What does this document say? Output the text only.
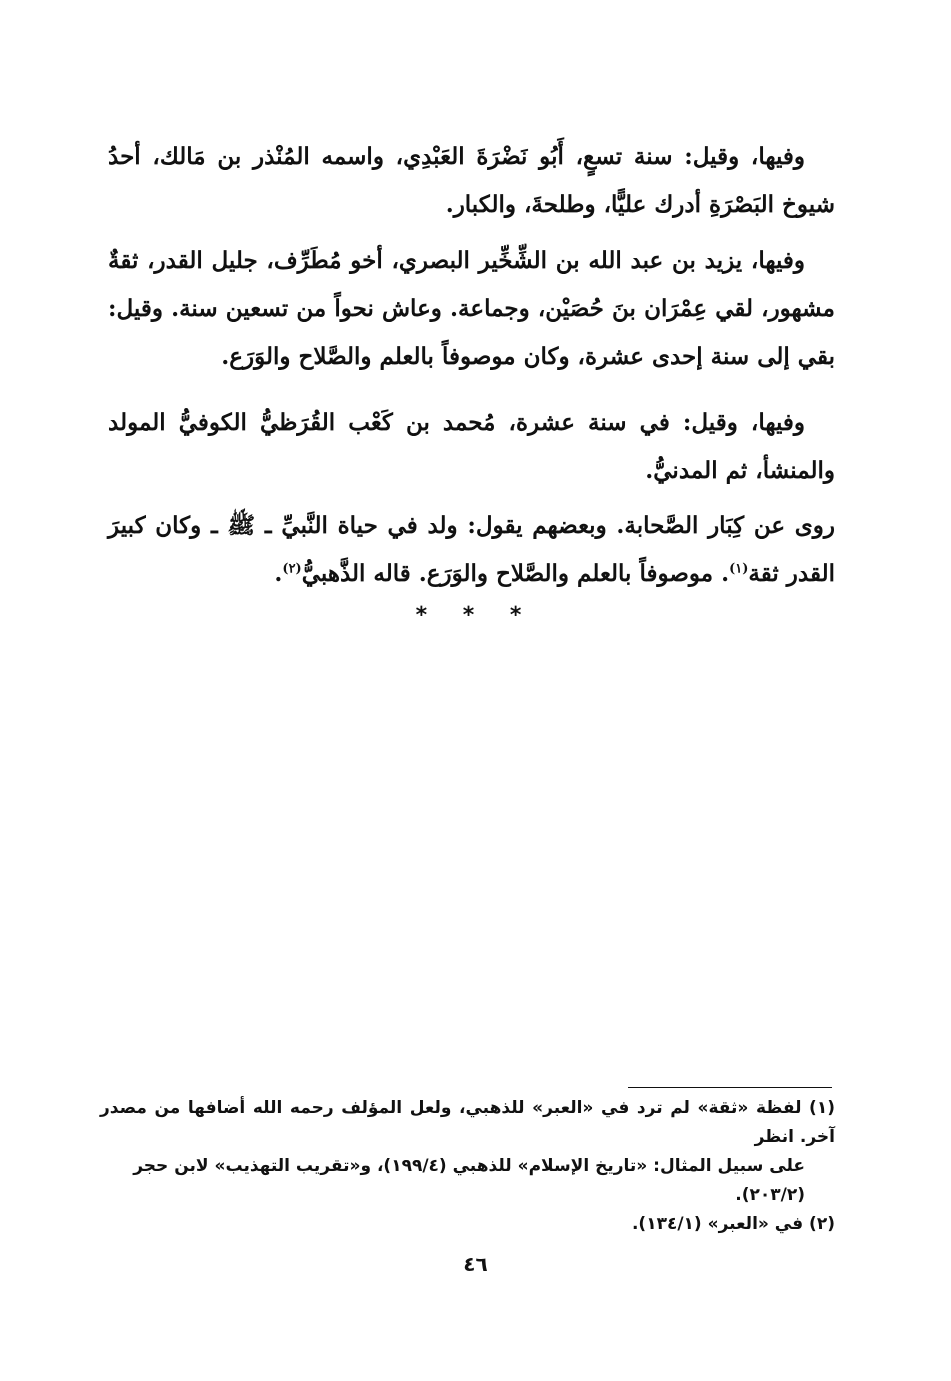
وفيها، وقيل: سنة تسعٍ، أَبُو نَضْرَةَ العَبْدِي، واسمه المُنْذر بن مَالك، أحدُ شيوخ البَصْرَةِ أدرك عليًّا، وطلحةَ، والكبار.

وفيها، يزيد بن عبد الله بن الشِّخِّير البصري، أخو مُطَرِّف، جليل القدر، ثقةٌ مشهور، لقي عِمْرَان بنَ حُصَيْن، وجماعة. وعاش نحواً من تسعين سنة. وقيل: بقي إلى سنة إحدى عشرة، وكان موصوفاً بالعلم والصَّلاح والوَرَع.

وفيها، وقيل: في سنة عشرة، مُحمد بن كَعْب القُرَظيُّ الكوفيُّ المولد والمنشأ، ثم المدنيُّ.

روى عن كِبَار الصَّحابة. وبعضهم يقول: ولد في حياة النَّبيِّ ـ ﷺ ـ وكان كبيرَ القدر ثقة$^{(١)}$. موصوفاً بالعلم والصَّلاح والوَرَع. قاله الذَّهبيُّ$^{(٢)}$.

* * *

(١) لفظة «ثقة» لم ترد في «العبر» للذهبي، ولعل المؤلف رحمه الله أضافها من مصدر آخر. انظر

على سبيل المثال: «تاريخ الإسلام» للذهبي (١٩٩/٤)، و«تقريب التهذيب» لابن حجر

(٢٠٣/٢).

(٢) في «العبر» (١٣٤/١).

٤٦
